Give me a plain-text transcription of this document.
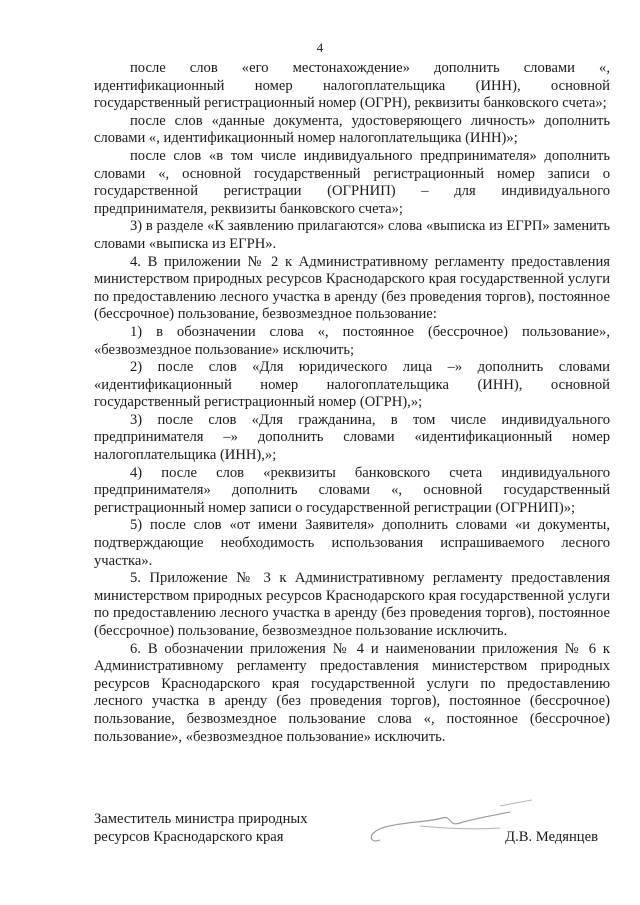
4

после слов «его местонахождение» дополнить словами «, идентификационный номер налогоплательщика (ИНН), основной государственный регистрационный номер (ОГРН), реквизиты банковского счета»;

после слов «данные документа, удостоверяющего личность» дополнить словами «, идентификационный номер налогоплательщика (ИНН)»;

после слов «в том числе индивидуального предпринимателя» дополнить словами «, основной государственный регистрационный номер записи о государственной регистрации (ОГРНИП) – для индивидуального предпринимателя, реквизиты банковского счета»;

3) в разделе «К заявлению прилагаются» слова «выписка из ЕГРП» заменить словами «выписка из ЕГРН».

4. В приложении № 2 к Административному регламенту предоставления министерством природных ресурсов Краснодарского края государственной услуги по предоставлению лесного участка в аренду (без проведения торгов), постоянное (бессрочное) пользование, безвозмездное пользование:

1) в обозначении слова «, постоянное (бессрочное) пользование», «безвозмездное пользование» исключить;

2) после слов «Для юридического лица –» дополнить словами «идентификационный номер налогоплательщика (ИНН), основной государственный регистрационный номер (ОГРН),»;

3) после слов «Для гражданина, в том числе индивидуального предпринимателя –» дополнить словами «идентификационный номер налогоплательщика (ИНН),»;

4) после слов «реквизиты банковского счета индивидуального предпринимателя» дополнить словами «, основной государственный регистрационный номер записи о государственной регистрации (ОГРНИП)»;

5) после слов «от имени Заявителя» дополнить словами «и документы, подтверждающие необходимость использования испрашиваемого лесного участка».

5. Приложение № 3 к Административному регламенту предоставления министерством природных ресурсов Краснодарского края государственной услуги по предоставлению лесного участка в аренду (без проведения торгов), постоянное (бессрочное) пользование, безвозмездное пользование исключить.

6. В обозначении приложения № 4 и наименовании приложения № 6 к Административному регламенту предоставления министерством природных ресурсов Краснодарского края государственной услуги по предоставлению лесного участка в аренду (без проведения торгов), постоянное (бессрочное) пользование, безвозмездное пользование слова «, постоянное (бессрочное) пользование», «безвозмездное пользование» исключить.

Заместитель министра природных
ресурсов Краснодарского края	Д.В. Медянцев
